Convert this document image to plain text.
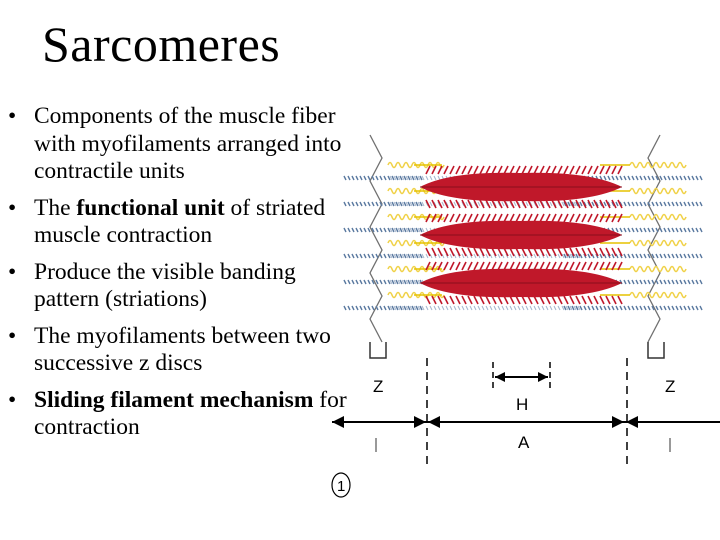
Sarcomeres
• Components of the muscle fiber with myofilaments arranged into contractile units
• The functional unit of striated muscle contraction
• Produce the visible banding pattern (striations)
• The myofilaments between two successive z discs
• Sliding filament mechanism for contraction
Z	Z
H
A
1
